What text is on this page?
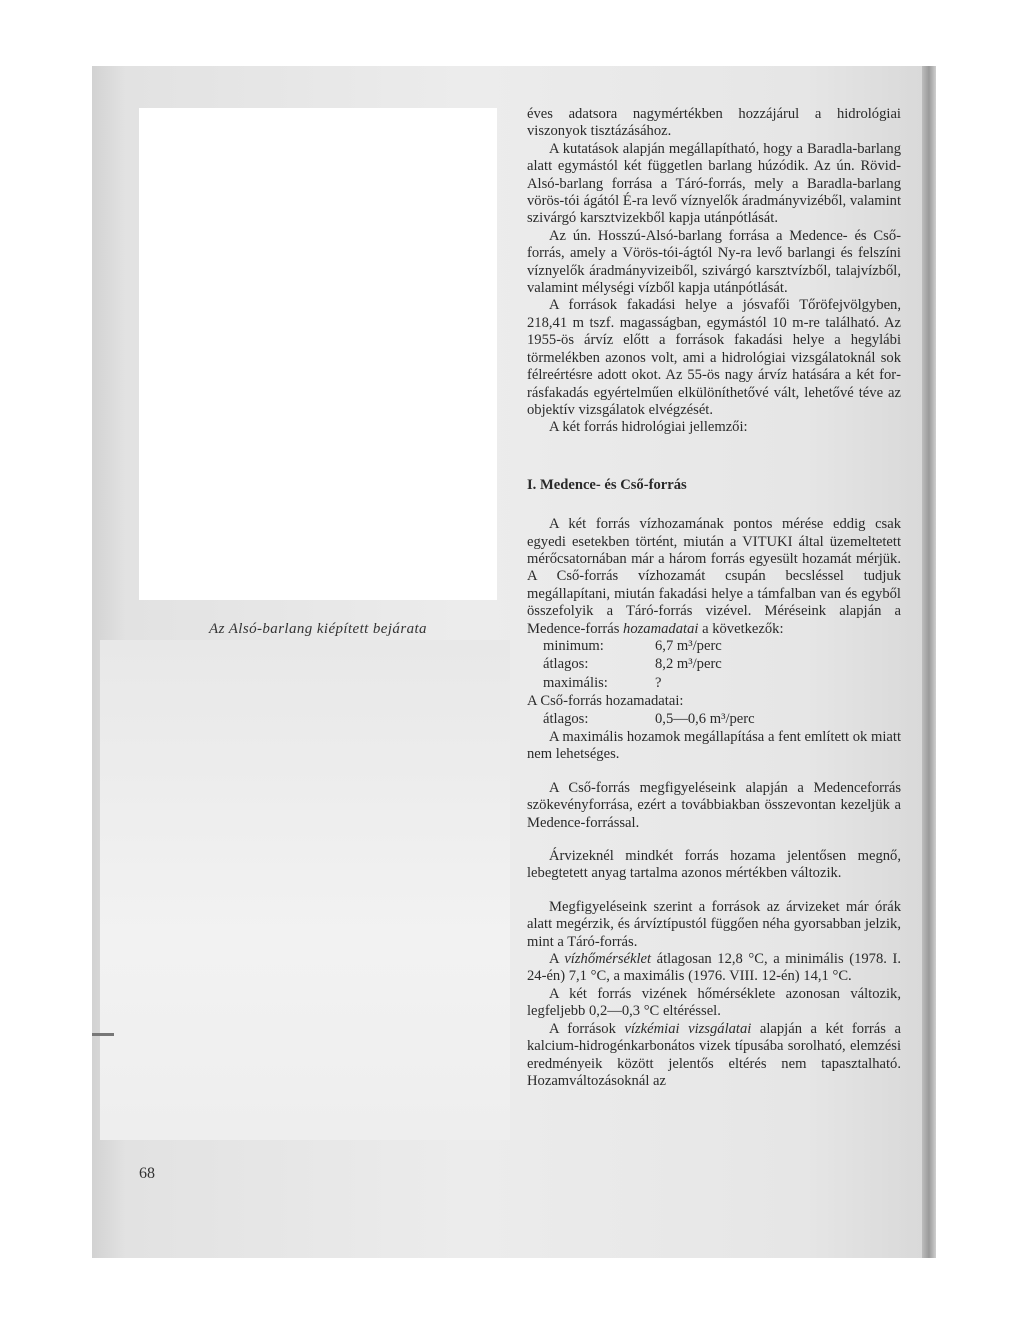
Az Alsó-barlang kiépített bejárata
68

éves adatsora nagymértékben hozzájárul a hidrológiai viszonyok tisztázásához.

A kutatások alapján megállapítható, hogy a Baradla-barlang alatt egymástól két független barlang húzódik. Az ún. Rövid-Alsó-barlang forrása a Táró-forrás, mely a Baradla-barlang vörös-tói ágától É-ra levő víznyelők áradmányvizéből, valamint szivárgó karsztvizekből kapja utánpótlását.

Az ún. Hosszú-Alsó-barlang forrása a Medence- és Cső-forrás, amely a Vörös-tói-ágtól Ny-ra levő barlangi és felszíni víznyelők áradmányvizeiből, szivárgó karsztvízből, talajvízből, valamint mélységi vízből kapja utánpótlását.

A források fakadási helye a jósvafői Tőröfejvölgyben, 218,41 m tszf. magasságban, egymástól 10 m-re található. Az 1955-ös árvíz előtt a források fakadási helye a hegylábi törmelékben azonos volt, ami a hidrológiai vizsgálatoknál sok félreértésre adott okot. Az 55-ös nagy árvíz hatására a két forrásfakadás egyértelműen elkülöníthetővé vált, lehetővé téve az objektív vizsgálatok elvégzését.

A két forrás hidrológiai jellemzői:

I. Medence- és Cső-forrás

A két forrás vízhozamának pontos mérése eddig csak egyedi esetekben történt, miután a VITUKI által üzemeltetett mérőcsatornában már a három forrás egyesült hozamát mérjük. A Cső-forrás vízhozamát csupán becsléssel tudjuk megállapítani, miután fakadási helye a támfalban van és egyből összefolyik a Táró-forrás vizével. Méréseink alapján a Medence-forrás hozamadatai a következők:

minimum:	6,7 m³/perc
átlagos:	8,2 m³/perc
maximális:	?

A Cső-forrás hozamadatai:

átlagos:	0,5—0,6 m³/perc

A maximális hozamok megállapítása a fent említett ok miatt nem lehetséges.

A Cső-forrás megfigyeléseink alapján a Medenceforrás szökevényforrása, ezért a továbbiakban összevontan kezeljük a Medence-forrással.

Árvizeknél mindkét forrás hozama jelentősen megnő, lebegtetett anyag tartalma azonos mértékben változik.

Megfigyeléseink szerint a források az árvizeket már órák alatt megérzik, és árvíztípustól függően néha gyorsabban jelzik, mint a Táró-forrás.

A vízhőmérséklet átlagosan 12,8 °C, a minimális (1978. I. 24-én) 7,1 °C, a maximális (1976. VIII. 12-én) 14,1 °C.

A két forrás vizének hőmérséklete azonosan változik, legfeljebb 0,2—0,3 °C eltéréssel.

A források vízkémiai vizsgálatai alapján a két forrás a kalcium-hidrogénkarbonátos vizek típusába sorolható, elemzési eredményeik között jelentős eltérés nem tapasztalható. Hozamváltozásoknál az
